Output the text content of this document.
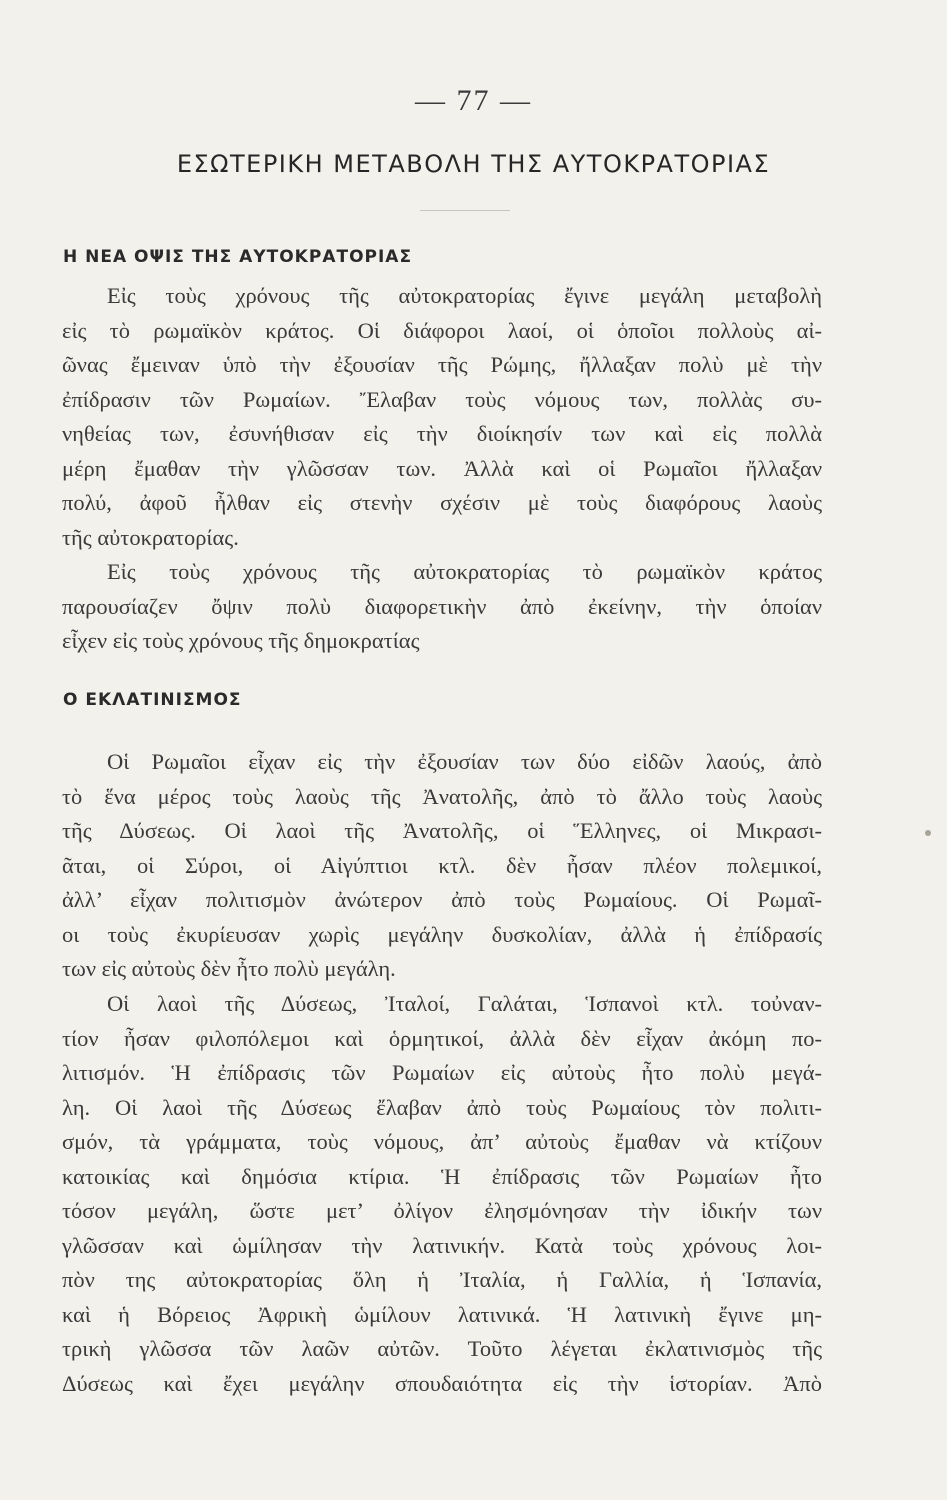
— 77 —
ΕΣΩΤΕΡΙΚΗ ΜΕΤΑΒΟΛΗ ΤΗΣ ΑΥΤΟΚΡΑΤΟΡΙΑΣ
Η ΝΕΑ ΟΨΙΣ ΤΗΣ ΑΥΤΟΚΡΑΤΟΡΙΑΣ
Εἰς τοὺς χρόνους τῆς αὐτοκρατορίας ἔγινε μεγάλη μεταβολὴ
εἰς τὸ ρωμαϊκὸν κράτος. Οἱ διάφοροι λαοί, οἱ ὁποῖοι πολλοὺς αἰ-
ῶνας ἔμειναν ὑπὸ τὴν ἐξουσίαν τῆς Ρώμης, ἤλλαξαν πολὺ μὲ τὴν
ἐπίδρασιν τῶν Ρωμαίων. Ἔλαβαν τοὺς νόμους των, πολλὰς συ-
νηθείας των, ἐσυνήθισαν εἰς τὴν διοίκησίν των καὶ εἰς πολλὰ
μέρη ἔμαθαν τὴν γλῶσσαν των. Ἀλλὰ καὶ οἱ Ρωμαῖοι ἤλλαξαν
πολύ, ἀφοῦ ἦλθαν εἰς στενὴν σχέσιν μὲ τοὺς διαφόρους λαοὺς
τῆς αὐτοκρατορίας.
Εἰς τοὺς χρόνους τῆς αὐτοκρατορίας τὸ ρωμαϊκὸν κράτος
παρουσίαζεν ὄψιν πολὺ διαφορετικὴν ἀπὸ ἐκείνην, τὴν ὁποίαν
εἶχεν εἰς τοὺς χρόνους τῆς δημοκρατίας
Ο ΕΚΛΑΤΙΝΙΣΜΟΣ
Οἱ Ρωμαῖοι εἶχαν εἰς τὴν ἐξουσίαν των δύο εἰδῶν λαούς, ἀπὸ
τὸ ἕνα μέρος τοὺς λαοὺς τῆς Ἀνατολῆς, ἀπὸ τὸ ἄλλο τοὺς λαοὺς
τῆς Δύσεως. Οἱ λαοὶ τῆς Ἀνατολῆς, οἱ Ἕλληνες, οἱ Μικρασι-
ᾶται, οἱ Σύροι, οἱ Αἰγύπτιοι κτλ. δὲν ἦσαν πλέον πολεμικοί,
ἀλλ’ εἶχαν πολιτισμὸν ἀνώτερον ἀπὸ τοὺς Ρωμαίους. Οἱ Ρωμαῖ-
οι τοὺς ἐκυρίευσαν χωρὶς μεγάλην δυσκολίαν, ἀλλὰ ἡ ἐπίδρασίς
των εἰς αὐτοὺς δὲν ἦτο πολὺ μεγάλη.
Οἱ λαοὶ τῆς Δύσεως, Ἰταλοί, Γαλάται, Ἱσπανοὶ κτλ. τοὐναν-
τίον ἦσαν φιλοπόλεμοι καὶ ὁρμητικοί, ἀλλὰ δὲν εἶχαν ἀκόμη πο-
λιτισμόν. Ἡ ἐπίδρασις τῶν Ρωμαίων εἰς αὐτοὺς ἦτο πολὺ μεγά-
λη. Οἱ λαοὶ τῆς Δύσεως ἔλαβαν ἀπὸ τοὺς Ρωμαίους τὸν πολιτι-
σμόν, τὰ γράμματα, τοὺς νόμους, ἀπ’ αὐτοὺς ἔμαθαν νὰ κτίζουν
κατοικίας καὶ δημόσια κτίρια. Ἡ ἐπίδρασις τῶν Ρωμαίων ἦτο
τόσον μεγάλη, ὥστε μετ’ ὀλίγον ἐλησμόνησαν τὴν ἰδικήν των
γλῶσσαν καὶ ὡμίλησαν τὴν λατινικήν. Κατὰ τοὺς χρόνους λοι-
πὸν της αὐτοκρατορίας ὅλη ἡ Ἰταλία, ἡ Γαλλία, ἡ Ἱσπανία,
καὶ ἡ Βόρειος Ἀφρικὴ ὡμίλουν λατινικά. Ἡ λατινικὴ ἔγινε μη-
τρικὴ γλῶσσα τῶν λαῶν αὐτῶν. Τοῦτο λέγεται ἐκλατινισμὸς τῆς
Δύσεως καὶ ἔχει μεγάλην σπουδαιότητα εἰς τὴν ἱστορίαν. Ἀπὸ
